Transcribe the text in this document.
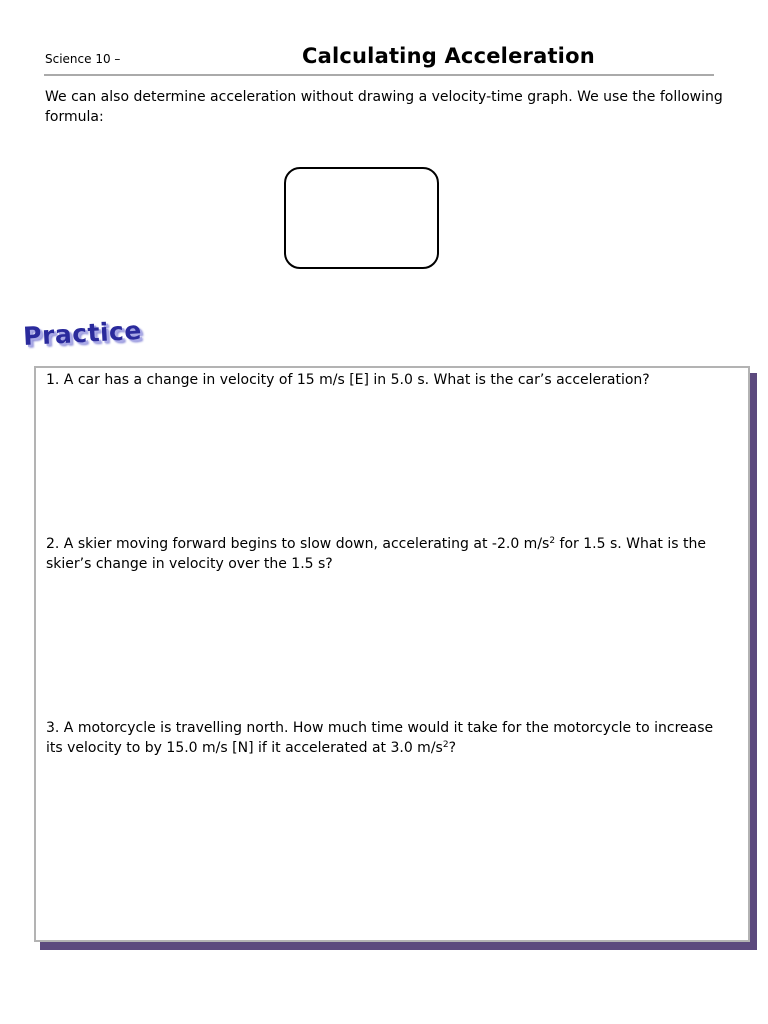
Science 10 –	Calculating Acceleration

We can also determine acceleration without drawing a velocity-time graph. We use the following formula:

Practice

1. A car has a change in velocity of 15 m/s [E] in 5.0 s. What is the car’s acceleration?

2. A skier moving forward begins to slow down, accelerating at -2.0 $m/s^2$ for 1.5 s. What is the skier’s change in velocity over the 1.5 s?

3. A motorcycle is travelling north. How much time would it take for the motorcycle to increase its velocity to by 15.0 m/s [N] if it accelerated at 3.0 $m/s^2$?
